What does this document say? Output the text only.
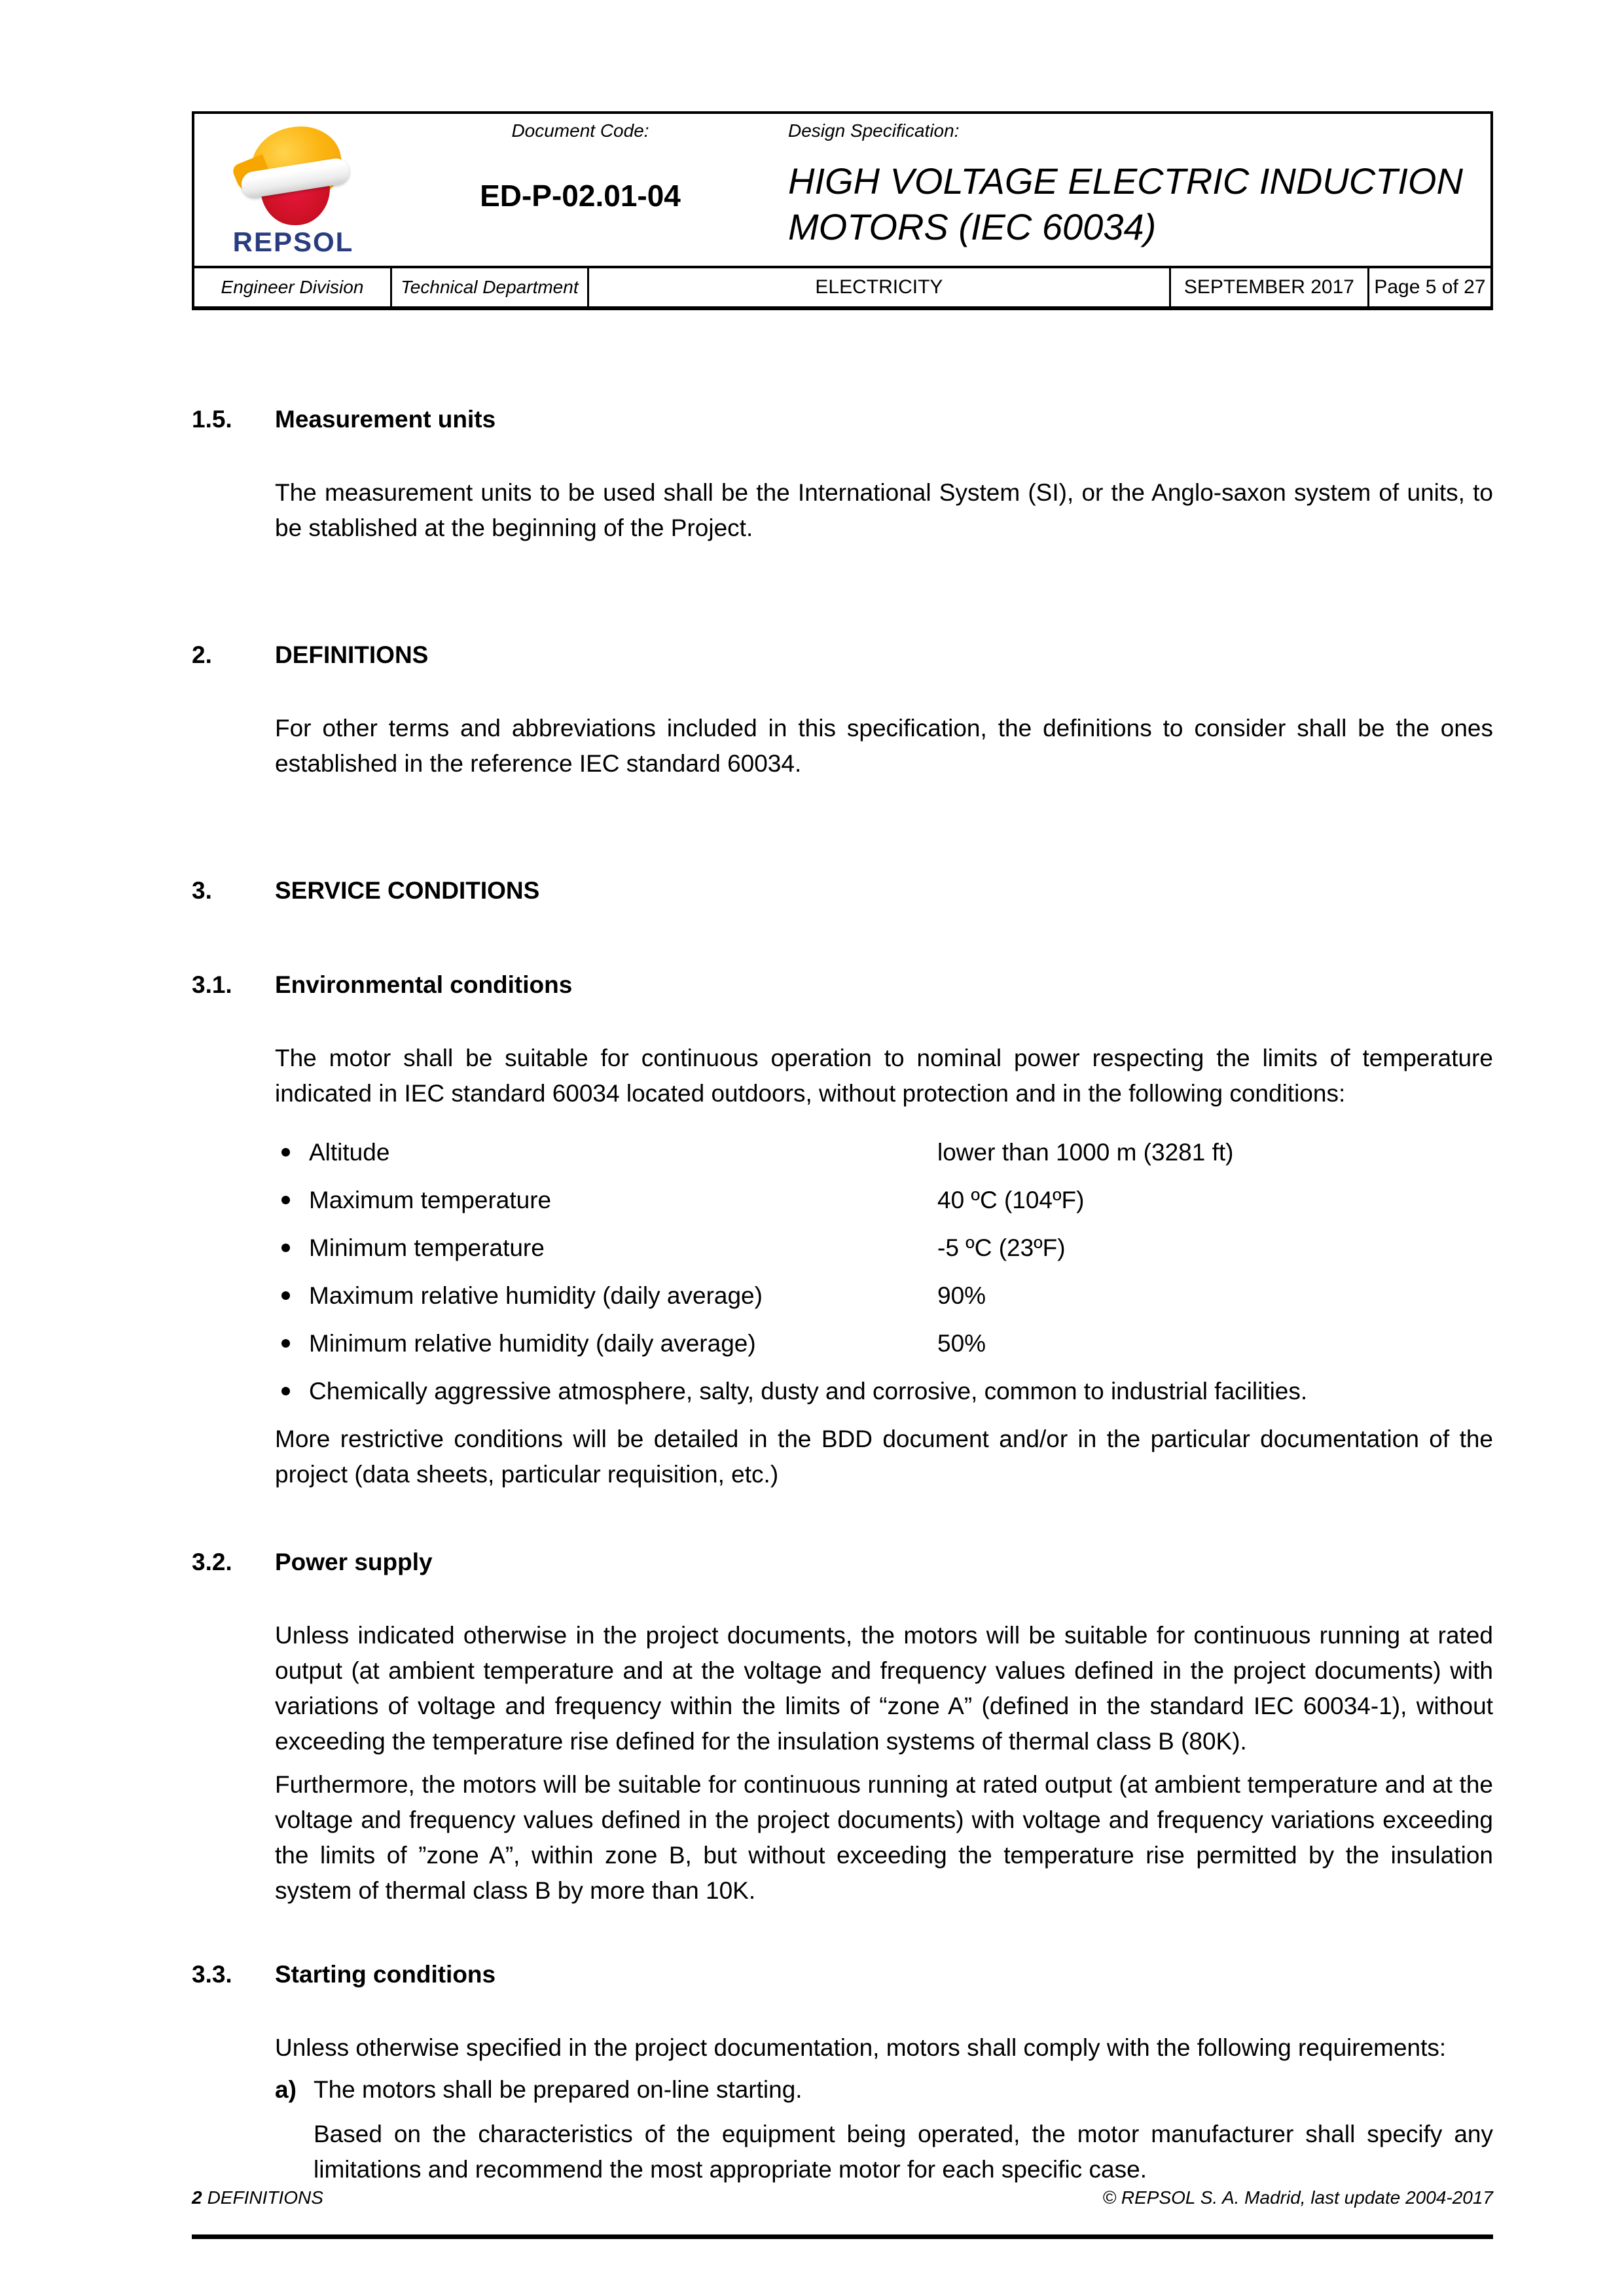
REPSOL
Document Code:
ED-P-02.01-04
Design Specification:
HIGH VOLTAGE ELECTRIC INDUCTION
MOTORS (IEC 60034)
Engineer Division	Technical Department	ELECTRICITY	SEPTEMBER 2017	Page 5 of 27
1.5.	Measurement units

The measurement units to be used shall be the International System (SI), or the Anglo-saxon system of units, to be stablished at the beginning of the Project.

2.	DEFINITIONS

For other terms and abbreviations included in this specification, the definitions to consider shall be the ones established in the reference IEC standard 60034.

3.	SERVICE CONDITIONS
3.1.	Environmental conditions

The motor shall be suitable for continuous operation to nominal power respecting the limits of temperature indicated in IEC standard 60034 located outdoors, without protection and in the following conditions:

Altitude	lower than 1000 m (3281 ft)
Maximum temperature	40 ºC (104ºF)
Minimum temperature	-5 ºC (23ºF)
Maximum relative humidity (daily average)	90%
Minimum relative humidity (daily average)	50%
Chemically aggressive atmosphere, salty, dusty and corrosive, common to industrial facilities.

More restrictive conditions will be detailed in the BDD document and/or in the particular documentation of the project (data sheets, particular requisition, etc.)

3.2.	Power supply

Unless indicated otherwise in the project documents, the motors will be suitable for continuous running at rated output (at ambient temperature and at the voltage and frequency values defined in the project documents) with variations of voltage and frequency within the limits of “zone A” (defined in the standard IEC 60034-1), without exceeding the temperature rise defined for the insulation systems of thermal class B (80K).

Furthermore, the motors will be suitable for continuous running at rated output (at ambient temperature and at the voltage and frequency values defined in the project documents) with voltage and frequency variations exceeding the limits of ”zone A”, within zone B, but without exceeding the temperature rise permitted by the insulation system of thermal class B by more than 10K.

3.3.	Starting conditions

Unless otherwise specified in the project documentation, motors shall comply with the following requirements:

a) The motors shall be prepared on-line starting.

Based on the characteristics of the equipment being operated, the motor manufacturer shall specify any limitations and recommend the most appropriate motor for each specific case.

2 DEFINITIONS	© REPSOL S. A. Madrid, last update 2004-2017
